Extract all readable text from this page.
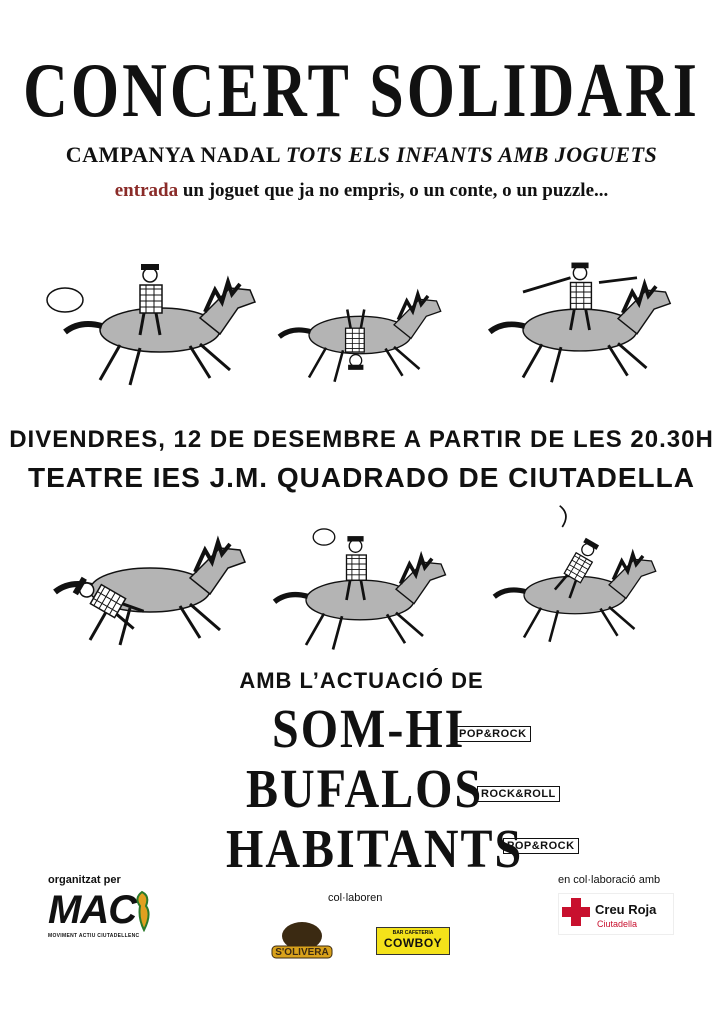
CONCERT SOLIDARI
CAMPANYA NADAL TOTS ELS INFANTS AMB JOGUETS
entrada un joguet que ja no empris, o un conte, o un puzzle...
DIVENDRES, 12 DE DESEMBRE A PARTIR DE LES 20.30H
TEATRE IES J.M. QUADRADO DE CIUTADELLA
AMB L’ACTUACIÓ DE
SOM-HI
POP&ROCK
BUFALOS
ROCK&ROLL
HABITANTS
POP&ROCK
organitzat per
MAC
MOVIMENT ACTIU CIUTADELLENC
col·laboren
S'OLIVERA
BAR CAFETERIA
COWBOY
en col·laboració amb
Creu Roja
Ciutadella
